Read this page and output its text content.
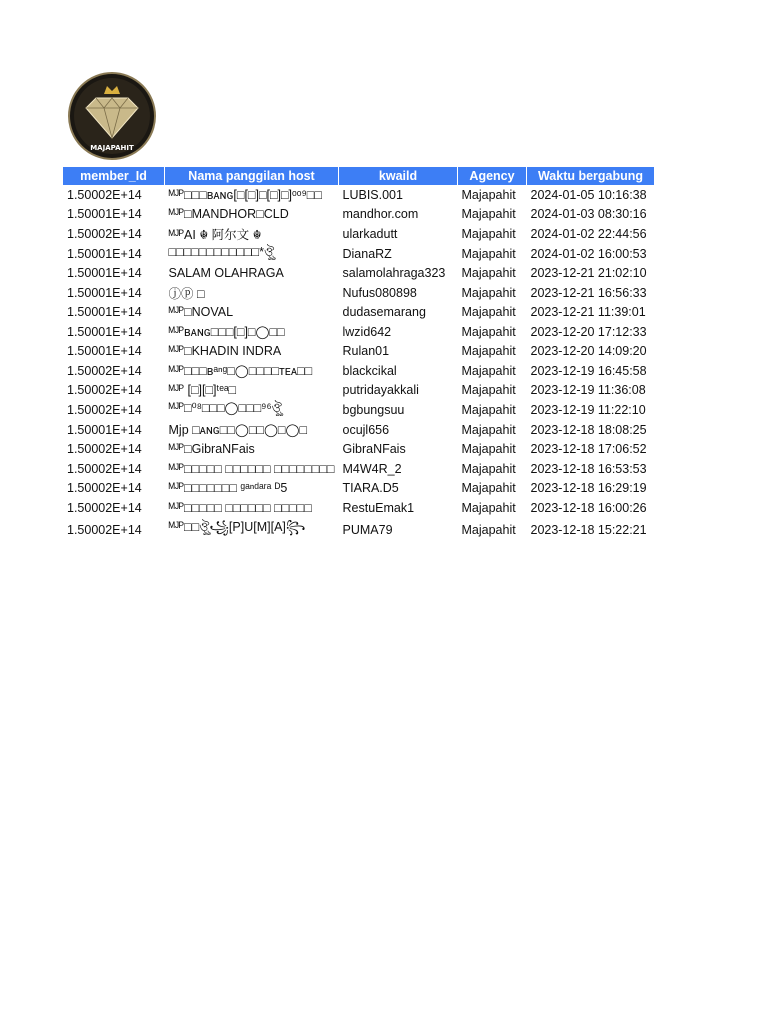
MAJAPAHIT
member_Id	Nama panggilan host	kwaild	Agency	Waktu bergabung
1.50002E+14	ᴹᴶᴾ□□□ʙᴀɴɢ[□[□]□[□]□]ᵒᵒ⁹□□	LUBIS.001	Majapahit	2024-01-05 10:16:38
1.50001E+14	ᴹᴶᴾ□MANDHOR□CLD	mandhor.com	Majapahit	2024-01-03 08:30:16
1.50002E+14	ᴹᴶᴾAI ☬ 阿尔文 ☬	ularkadutt	Majapahit	2024-01-02 22:44:56
1.50001E+14	□□□□□□□□□□□□*ঔৣ	DianaRZ	Majapahit	2024-01-02 16:00:53
1.50001E+14	SALAM OLAHRAGA	salamolahraga323	Majapahit	2023-12-21 21:02:10
1.50001E+14	ⓙⓟ □	Nufus080898	Majapahit	2023-12-21 16:56:33
1.50001E+14	ᴹᴶᴾ□NOVAL	dudasemarang	Majapahit	2023-12-21 11:39:01
1.50001E+14	ᴹᴶᴾʙᴀɴɢ□□□[□]□◯□□	lwzid642	Majapahit	2023-12-20 17:12:33
1.50001E+14	ᴹᴶᴾ□KHADIN INDRA	Rulan01	Majapahit	2023-12-20 14:09:20
1.50002E+14	ᴹᴶᴾ□□□ʙᵃⁿᵍ□◯□□□□ᴛᴇᴀ□□	blackcikal	Majapahit	2023-12-19 16:45:58
1.50002E+14	ᴹᴶᴾ [□][□]ᵗᵉᵃ□	putridayakkali	Majapahit	2023-12-19 11:36:08
1.50002E+14	ᴹᴶᴾ□⁰⁸□□□◯□□□⁹⁶ঔৣ	bgbungsuu	Majapahit	2023-12-19 11:22:10
1.50001E+14	Mjp □ᴀɴɢ□□◯□□◯□◯□	ocujl656	Majapahit	2023-12-18 18:08:25
1.50002E+14	ᴹᴶᴾ□GibraNFais	GibraNFais	Majapahit	2023-12-18 17:06:52
1.50002E+14	ᴹᴶᴾ□□□□□ □□□□□□ □□□□□□□□	M4W4R_2	Majapahit	2023-12-18 16:53:53
1.50002E+14	ᴹᴶᴾ□□□□□□□ ᵍᵃⁿᵈᵃʳᵃ ᴰ5	TIARA.D5	Majapahit	2023-12-18 16:29:19
1.50002E+14	ᴹᴶᴾ□□□□□ □□□□□□ □□□□□	RestuEmak1	Majapahit	2023-12-18 16:00:26
1.50002E+14	ᴹᴶᴾ□□ঔৣ꧁[P]U[M][A]꧂	PUMA79	Majapahit	2023-12-18 15:22:21
